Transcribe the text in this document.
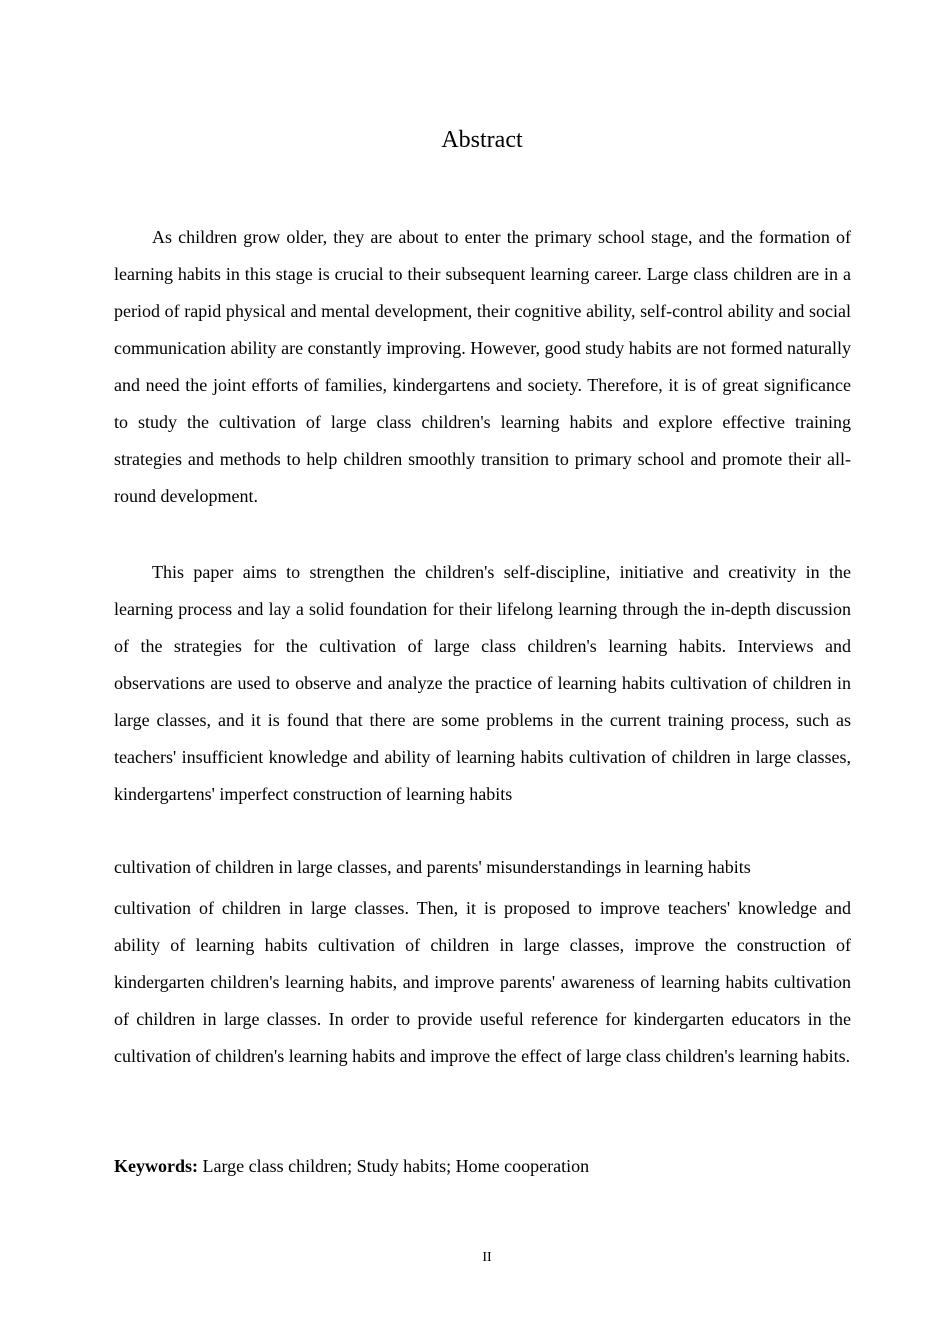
Abstract

As children grow older, they are about to enter the primary school stage, and the formation of learning habits in this stage is crucial to their subsequent learning career. Large class children are in a period of rapid physical and mental development, their cognitive ability, self-control ability and social communication ability are constantly improving. However, good study habits are not formed naturally and need the joint efforts of families, kindergartens and society. Therefore, it is of great significance to study the cultivation of large class children's learning habits and explore effective training strategies and methods to help children smoothly transition to primary school and promote their all-round development.

This paper aims to strengthen the children's self-discipline, initiative and creativity in the learning process and lay a solid foundation for their lifelong learning through the in-depth discussion of the strategies for the cultivation of large class children's learning habits. Interviews and observations are used to observe and analyze the practice of learning habits cultivation of children in large classes, and it is found that there are some problems in the current training process, such as teachers' insufficient knowledge and ability of learning habits cultivation of children in large classes, kindergartens' imperfect construction of learning habits

cultivation of children in large classes, and parents' misunderstandings in learning habits

cultivation of children in large classes. Then, it is proposed to improve teachers' knowledge and ability of learning habits cultivation of children in large classes, improve the construction of kindergarten children's learning habits, and improve parents' awareness of learning habits cultivation of children in large classes. In order to provide useful reference for kindergarten educators in the cultivation of children's learning habits and improve the effect of large class children's learning habits.

Keywords: Large class children; Study habits; Home cooperation

II
